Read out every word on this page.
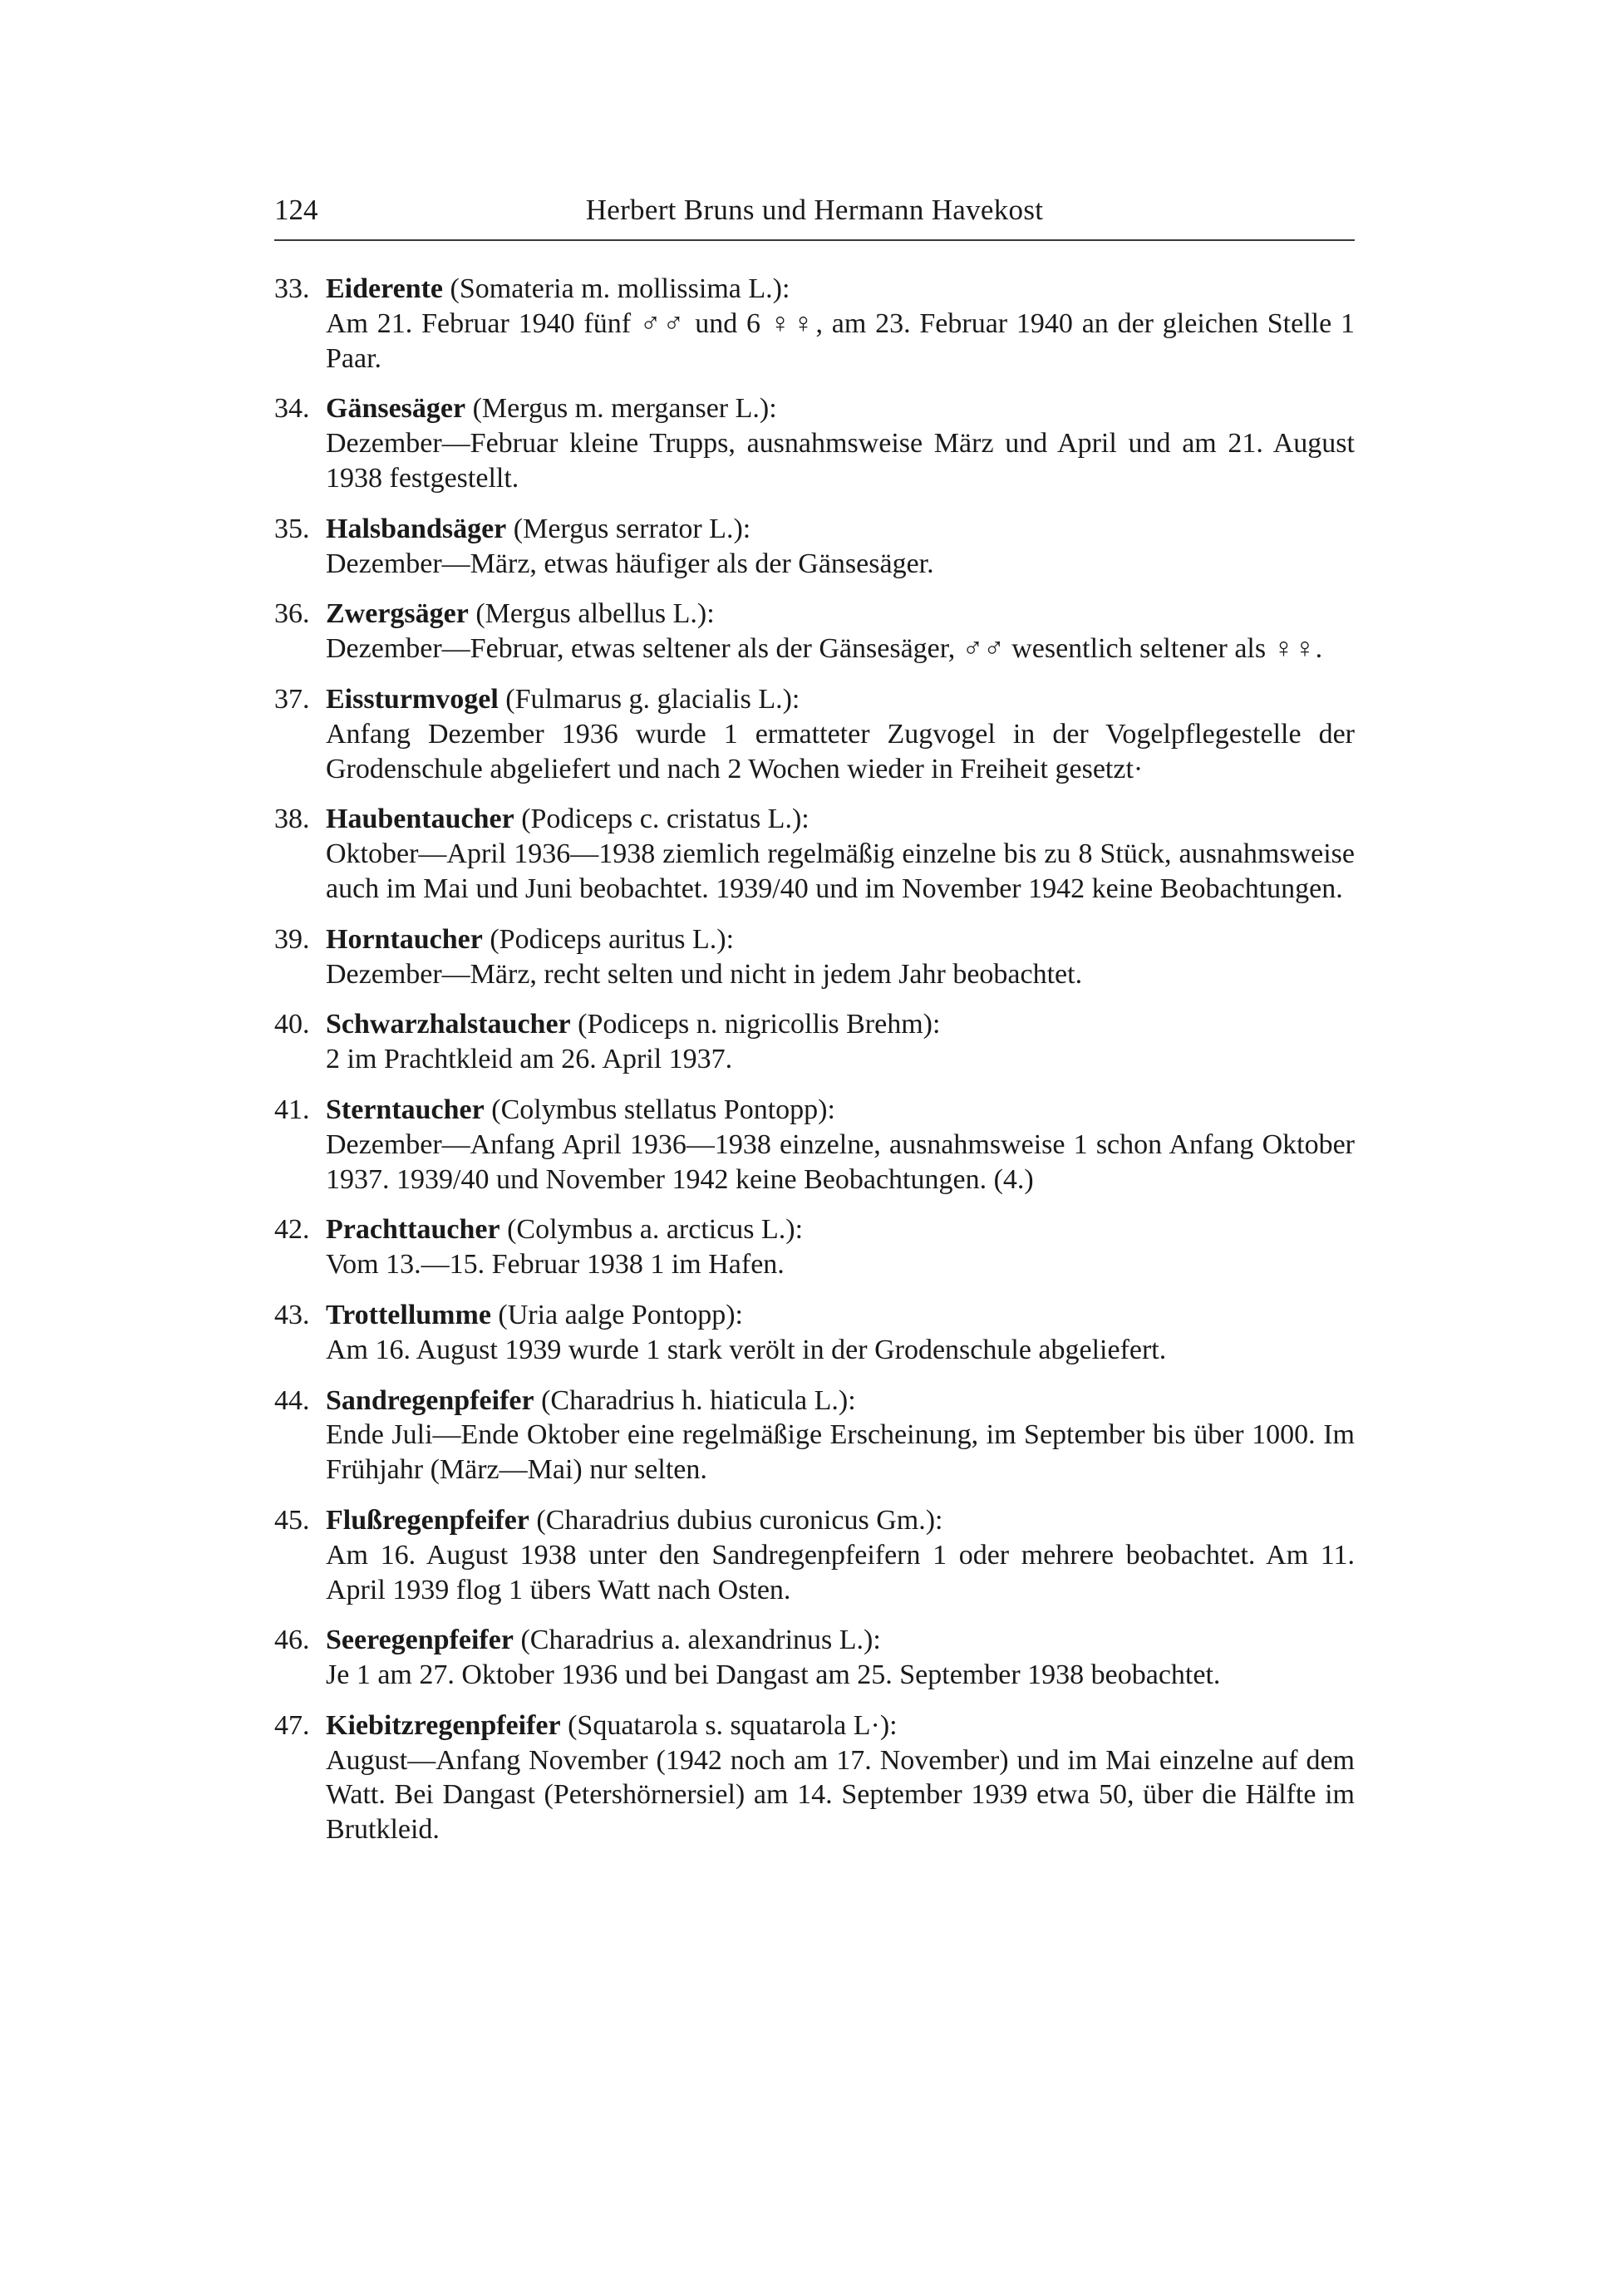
124	Herbert Bruns und Hermann Havekost
33. Eiderente (Somateria m. mollissima L.):
Am 21. Februar 1940 fünf ♂♂ und 6 ♀♀, am 23. Februar 1940 an der gleichen Stelle 1 Paar.
34. Gänsesäger (Mergus m. merganser L.):
Dezember—Februar kleine Trupps, ausnahmsweise März und April und am 21. August 1938 festgestellt.
35. Halsbandsäger (Mergus serrator L.):
Dezember—März, etwas häufiger als der Gänsesäger.
36. Zwergsäger (Mergus albellus L.):
Dezember—Februar, etwas seltener als der Gänsesäger, ♂♂ wesentlich seltener als ♀♀.
37. Eissturmvogel (Fulmarus g. glacialis L.):
Anfang Dezember 1936 wurde 1 ermatteter Zugvogel in der Vogelpflegestelle der Grodenschule abgeliefert und nach 2 Wochen wieder in Freiheit gesetzt·
38. Haubentaucher (Podiceps c. cristatus L.):
Oktober—April 1936—1938 ziemlich regelmäßig einzelne bis zu 8 Stück, ausnahmsweise auch im Mai und Juni beobachtet. 1939/40 und im November 1942 keine Beobachtungen.
39. Horntaucher (Podiceps auritus L.):
Dezember—März, recht selten und nicht in jedem Jahr beobachtet.
40. Schwarzhalstaucher (Podiceps n. nigricollis Brehm):
2 im Prachtkleid am 26. April 1937.
41. Sterntaucher (Colymbus stellatus Pontopp):
Dezember—Anfang April 1936—1938 einzelne, ausnahmsweise 1 schon Anfang Oktober 1937. 1939/40 und November 1942 keine Beobachtungen. (4.)
42. Prachttaucher (Colymbus a. arcticus L.):
Vom 13.—15. Februar 1938 1 im Hafen.
43. Trottellumme (Uria aalge Pontopp):
Am 16. August 1939 wurde 1 stark verölt in der Grodenschule abgeliefert.
44. Sandregenpfeifer (Charadrius h. hiaticula L.):
Ende Juli—Ende Oktober eine regelmäßige Erscheinung, im September bis über 1000. Im Frühjahr (März—Mai) nur selten.
45. Flußregenpfeifer (Charadrius dubius curonicus Gm.):
Am 16. August 1938 unter den Sandregenpfeifern 1 oder mehrere beobachtet. Am 11. April 1939 flog 1 übers Watt nach Osten.
46. Seeregenpfeifer (Charadrius a. alexandrinus L.):
Je 1 am 27. Oktober 1936 und bei Dangast am 25. September 1938 beobachtet.
47. Kiebitzregenpfeifer (Squatarola s. squatarola L·):
August—Anfang November (1942 noch am 17. November) und im Mai einzelne auf dem Watt. Bei Dangast (Petershörnersiel) am 14. September 1939 etwa 50, über die Hälfte im Brutkleid.
